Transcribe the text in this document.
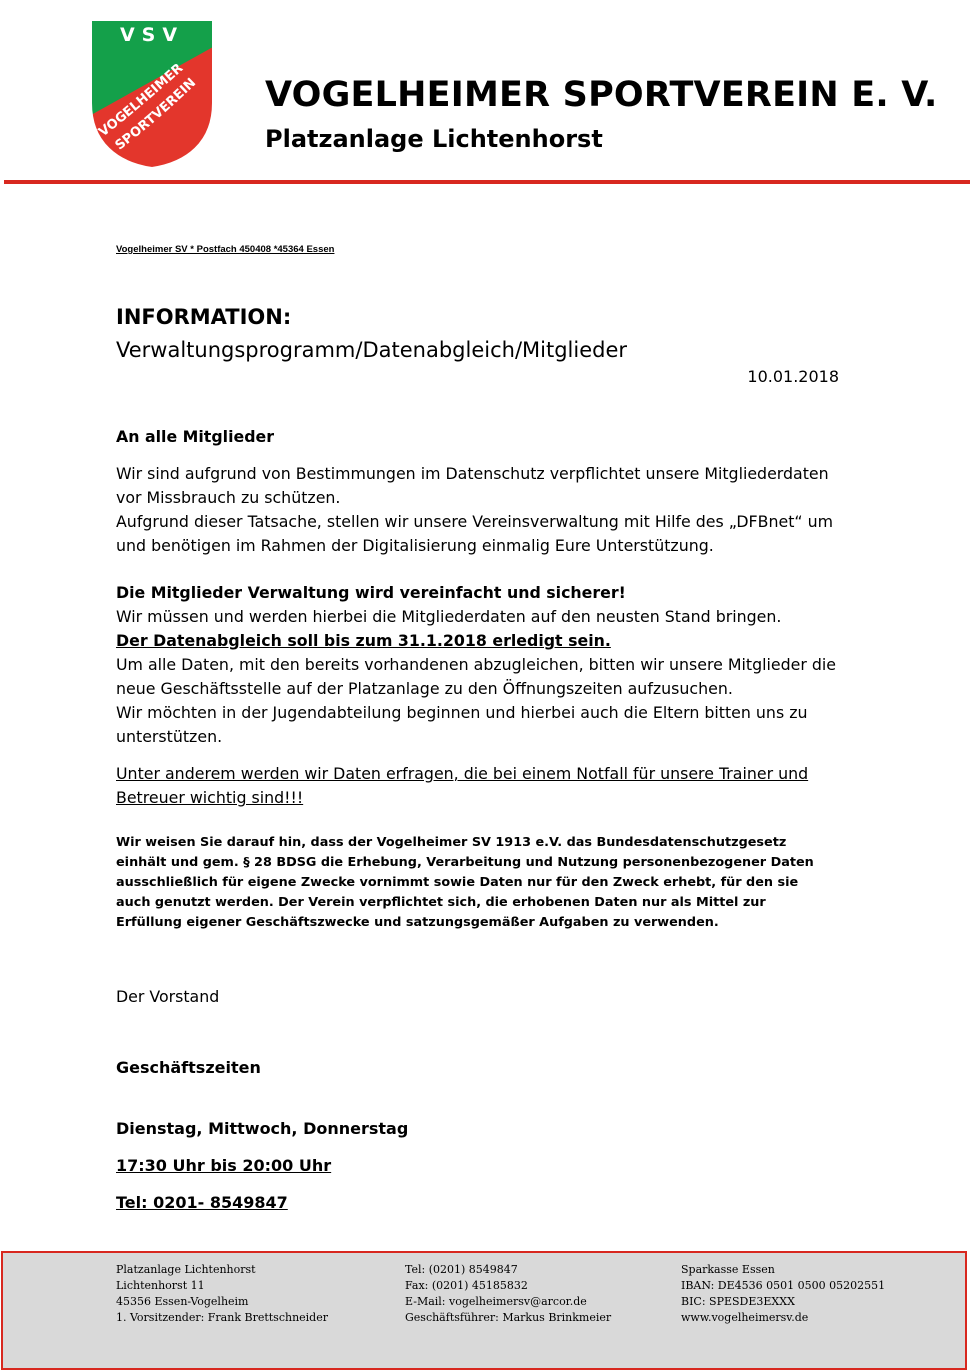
VSV
VOGELHEIMER
SPORTVEREIN VOGELHEIMER SPORTVEREIN E. V.
Platzanlage Lichtenhorst
Vogelheimer SV * Postfach 450408 *45364 Essen
INFORMATION:
Verwaltungsprogramm/Datenabgleich/Mitglieder
10.01.2018
An alle Mitglieder

Wir sind aufgrund von Bestimmungen im Datenschutz verpflichtet unsere Mitgliederdaten vor Missbrauch zu schützen.

Aufgrund dieser Tatsache, stellen wir unsere Vereinsverwaltung mit Hilfe des „DFBnet“ um und benötigen im Rahmen der Digitalisierung einmalig Eure Unterstützung.

Die Mitglieder Verwaltung wird vereinfacht und sicherer!

Wir müssen und werden hierbei die Mitgliederdaten auf den neusten Stand bringen.

Der Datenabgleich soll bis zum 31.1.2018 erledigt sein.

Um alle Daten, mit den bereits vorhandenen abzugleichen, bitten wir unsere Mitglieder die neue Geschäftsstelle auf der Platzanlage zu den Öffnungszeiten aufzusuchen.

Wir möchten in der Jugendabteilung beginnen und hierbei auch die Eltern bitten uns zu unterstützen.

Unter anderem werden wir Daten erfragen, die bei einem Notfall für unsere Trainer und Betreuer wichtig sind!!!

Wir weisen Sie darauf hin, dass der Vogelheimer SV 1913 e.V. das Bundesdatenschutzgesetz einhält und gem. § 28 BDSG die Erhebung, Verarbeitung und Nutzung personenbezogener Daten ausschließlich für eigene Zwecke vornimmt sowie Daten nur für den Zweck erhebt, für den sie auch genutzt werden. Der Verein verpflichtet sich, die erhobenen Daten nur als Mittel zur Erfüllung eigener Geschäftszwecke und satzungsgemäßer Aufgaben zu verwenden.

Der Vorstand
Geschäftszeiten
Dienstag, Mittwoch, Donnerstag
17:30 Uhr bis 20:00 Uhr
Tel: 0201- 8549847
Platzanlage Lichtenhorst
Lichtenhorst 11
45356 Essen-Vogelheim
1. Vorsitzender: Frank Brettschneider
Tel: (0201) 8549847
Fax: (0201) 45185832
E-Mail: vogelheimersv@arcor.de
Geschäftsführer: Markus Brinkmeier
Sparkasse Essen
IBAN: DE4536 0501 0500 05202551
BIC: SPESDE3EXXX
www.vogelheimersv.de
